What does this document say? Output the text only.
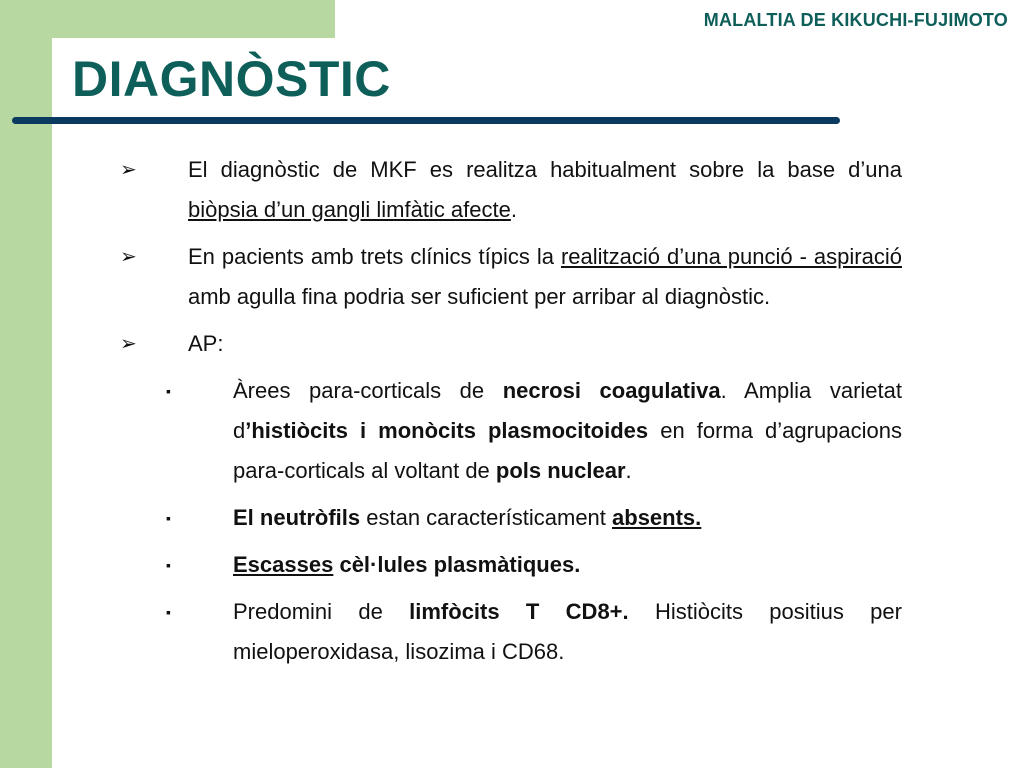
MALALTIA DE KIKUCHI-FUJIMOTO
DIAGNÒSTIC
➢ El diagnòstic de MKF es realitza habitualment sobre la base d’una biòpsia d’un gangli limfàtic afecte.
➢ En pacients amb trets clínics típics la realització d’una punció - aspiració amb agulla fina podria ser suficient per arribar al diagnòstic.
➢ AP:
▪	Àrees para-corticals de necrosi coagulativa. Amplia varietat d’histiòcits i monòcits plasmocitoides en forma d’agrupacions para-corticals al voltant de pols nuclear.
▪	El neutròfils estan característicament absents.
▪	Escasses cèl·lules plasmàtiques.
▪	Predomini de limfòcits T CD8+. Histiòcits positius per mieloperoxidasa, lisozima i CD68.
